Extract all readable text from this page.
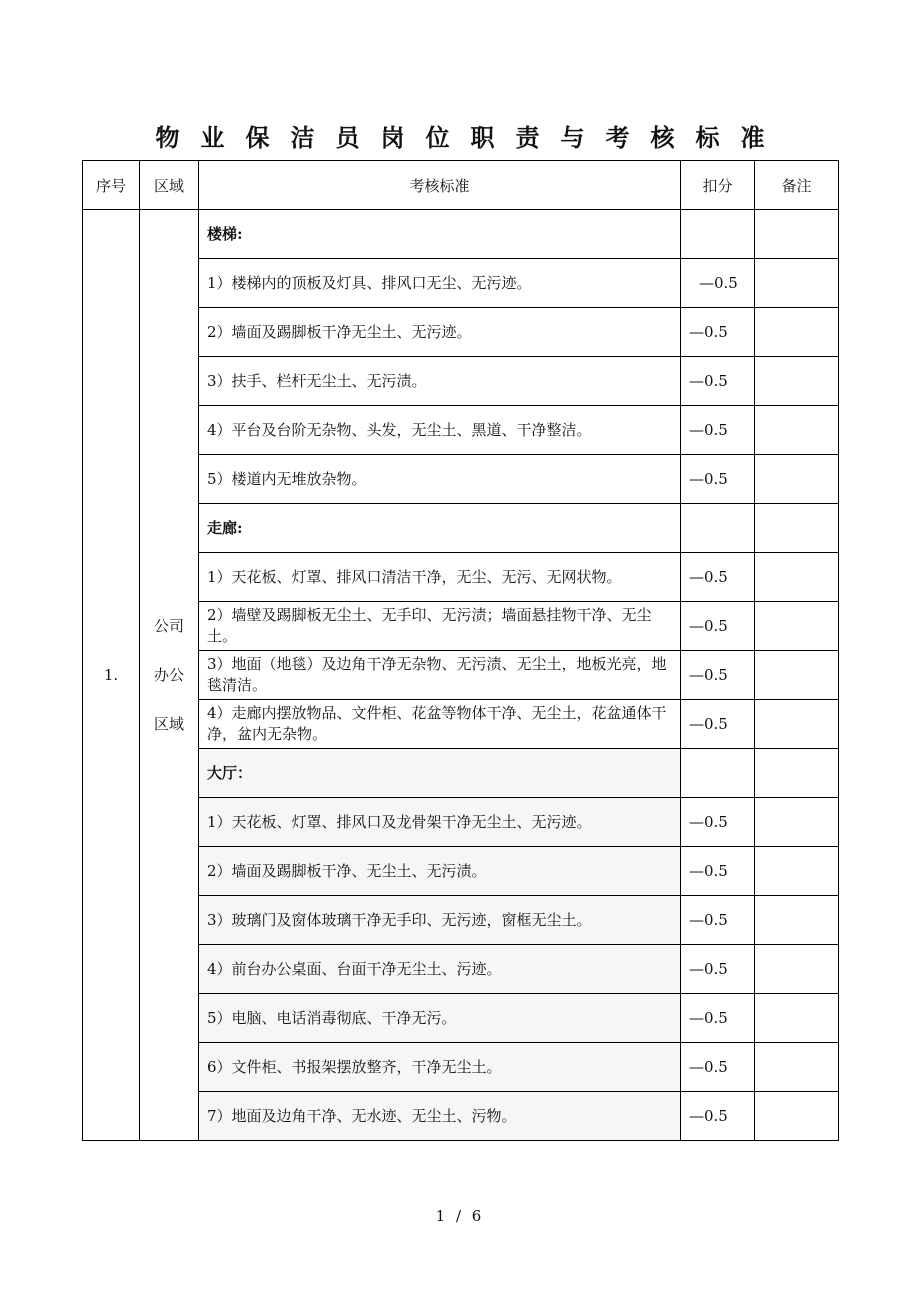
物业保洁员岗位职责与考核标准
序号	区域	考核标准	扣分	备注
1.	公司
办公
区域	楼梯:		
		1）楼梯内的顶板及灯具、排风口无尘、无污迹。	—0.5	
		2）墙面及踢脚板干净无尘土、无污迹。	—0.5	
		3）扶手、栏杆无尘土、无污渍。	—0.5	
		4）平台及台阶无杂物、头发，无尘土、黑道、干净整洁。	—0.5	
		5）楼道内无堆放杂物。	—0.5	
		走廊:		
		1）天花板、灯罩、排风口清洁干净，无尘、无污、无网状物。	—0.5	
		2）墙壁及踢脚板无尘土、无手印、无污渍；墙面悬挂物干净、无尘土。	—0.5	
		3）地面（地毯）及边角干净无杂物、无污渍、无尘土，地板光亮，地毯清洁。	—0.5	
		4）走廊内摆放物品、文件柜、花盆等物体干净、无尘土，花盆通体干净，盆内无杂物。	—0.5	
		大厅：		
		1）天花板、灯罩、排风口及龙骨架干净无尘土、无污迹。	—0.5	
		2）墙面及踢脚板干净、无尘土、无污渍。	—0.5	
		3）玻璃门及窗体玻璃干净无手印、无污迹，窗框无尘土。	—0.5	
		4）前台办公桌面、台面干净无尘土、污迹。	—0.5	
		5）电脑、电话消毒彻底、干净无污。	—0.5	
		6）文件柜、书报架摆放整齐，干净无尘土。	—0.5	
		7）地面及边角干净、无水迹、无尘土、污物。	—0.5	
1 / 6
